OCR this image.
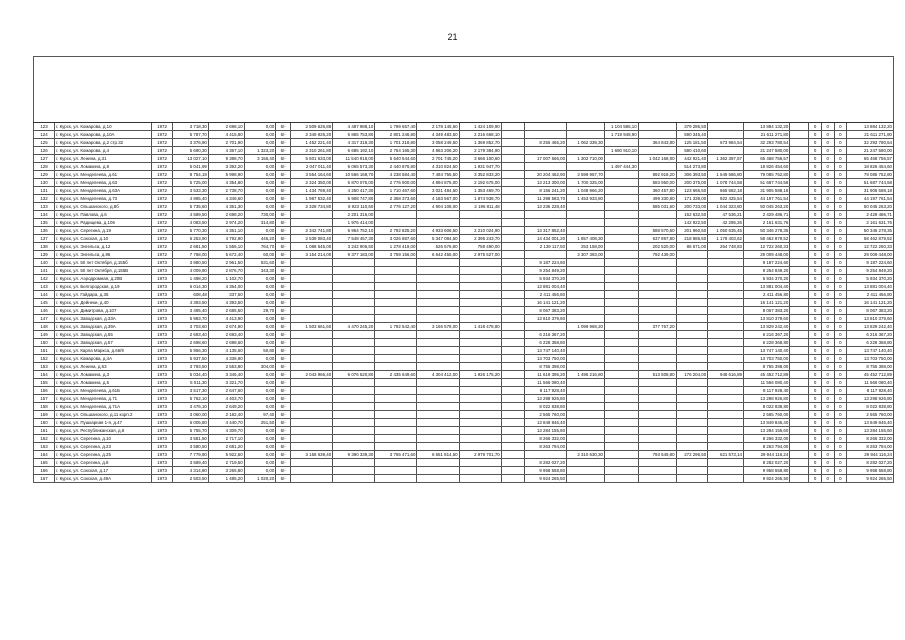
21

123	г. Курск, ул. Комарова, д.10	1972	3 718,30	2 698,10	0,00	5/-	2 509 626,88	4 487 988,10	1 799 657,40	2 178 145,50	1 424 109,90				1 104 585,10		379 286,50		13 884 132,20		0	0	0	13 884 132,20
124	г. Курск, ул. Комарова, д.10А	1972	5 787,70	4 415,80	0,00	5/-	2 349 926,20	6 865 753,80	2 801 246,80	4 349 483,50	2 216 668,10				1 719 948,90		590 345,40		21 611 271,80		0	0	0	21 611 271,80
125	г. Курск, ул. Комарова, д.2 стр.32	1972	3 376,90	2 701,90	0,00	5/-	1 452 221,40	4 317 318,30	1 701 218,80	3 058 249,50	1 369 852,70		8 255 465,20	1 062 339,30		364 843,80	125 181,50	673 984,54	32 293 780,54		0	0	0	32 293 780,54
126	г. Курск, ул. Комарова, д.4	1972	5 690,30	4 367,10	1 323,20	5/-	2 310 261,80	6 685 192,10	2 754 165,30	4 863 206,20	2 179 384,90				1 680 910,10		580 410,60		21 247 580,00		0	0	0	21 247 580,00
127	г. Курск, ул. Ленина, д.31	1972	13 027,10	9 388,70	3 156,40	5/-	5 601 633,00	11 540 918,00	5 540 544,60	2 701 745,20	3 666 100,60		17 007 566,00	1 302 710,00		1 042 168,00	442 921,40	1 362 397,57	65 468 756,57		0	0	0	65 468 756,57
128	г. Курск, ул. Ломакина, д.8	1972	5 041,99	3 392,20	0,00	5/-	2 047 011,40	6 065 573,30	2 440 876,80	4 310 824,50	1 931 947,70				1 497 444,30		514 273,80		18 826 454,60		0	0	0	18 826 454,60
129	г. Курск, ул. Менделеева, д.61	1972	8 754,19	5 998,90	0,00	5/-	3 554 164,60	10 566 168,70	4 238 584,40	7 484 755,50	3 352 833,20		20 204 462,90	2 599 957,70		892 918,20	306 393,50	1 649 586,80	79 085 752,80		0	0	0	79 085 752,80
130	г. Курск, ул. Менделеева, д.63	1972	5 725,00	4 354,80	0,00	5/-	2 324 350,00	6 870 075,00	2 776 900,00	4 894 875,00	2 192 675,00		13 213 300,00	1 700 325,00		583 950,00	200 375,00	1 078 744,58	51 687 744,58		0	0	0	51 687 744,58
131	г. Курск, ул. Менделеева, д.63А	1972	3 533,30	2 738,70	0,00	5/-	1 434 769,40	4 250 417,30	1 710 467,60	3 021 484,50	1 353 469,70		8 156 241,20	1 048 966,20		360 457,80	123 666,50	665 682,18	31 905 588,18		0	0	0	31 905 588,18
132	г. Курск, ул. Менделеева, д.73	1972	4 895,40	4 346,60	0,00	5/-	1 987 532,40	5 908 747,80	2 368 373,60	4 183 567,00	1 874 938,70		11 298 583,70	1 453 933,80		499 330,80	171 339,00	922 425,54	44 197 761,54		0	0	0	44 197 761,54
133	г. Курск, ул. Ольшанского, д.8б	1972	5 735,60	4 361,30	0,00	5/-	2 328 734,80	6 923 110,60	2 776 127,20	4 904 108,00	2 196 811,48		13 236 228,40			585 031,60	200 733,00	1 044 323,80	50 045 263,20		0	0	0	50 045 263,20
134	г. Курск, ул. Павлова, д.6	1972	4 589,50	2 698,20	730,00	5/-		2 201 316,00									162 632,50	47 536,21	2 429 486,71		0	0	0	2 429 486,71
135	г. Курск, ул. Радищева, д.106	1972	4 083,50	2 974,20	314,80	5/-		1 976 414,00									142 922,50	42 295,26	2 161 631,76		0	0	0	2 161 631,76
136	г. Курск, ул. Серегина, д.19	1972	5 770,30	4 361,10	0,00	5/-	2 342 741,80	6 964 752,10	2 792 825,20	4 933 606,50	2 210 024,90		13 317 852,40			588 570,60	201 960,50	1 050 635,45	50 346 278,35		0	0	0	50 346 278,35
137	г. Курск, ул. Сокская, д.10	1972	6 253,90	4 792,90	446,20	5/-	2 539 083,40	7 548 457,30	3 026 887,60	5 347 084,50	2 395 243,70		14 434 001,20	1 857 408,30		637 897,80	218 886,50	1 178 403,62	58 462 879,52		0	0	0	58 462 879,52
138	г. Курск, ул. Энгельса, д.12	1972	2 681,50	1 556,10	764,70	5/-	1 088 545,00	3 242 906,50	1 278 419,00	526 676,80	759 490,00		2 139 117,50	253 158,00		202 520,00	86 671,00	264 748,83	12 722 260,33		0	0	0	12 722 260,33
139	г. Курск, ул. Энгельса, д.86	1972	7 768,00	5 672,40	60,00	5/-	3 154 214,00	9 377 183,00	3 759 156,00	6 642 455,00	2 975 527,00			2 307 393,00		792 439,00			29 009 448,00		0	0	0	29 009 448,00
140	г. Курск, ул. 50 лет Октября, д.155б	1973	3 980,50	2 961,50	531,60	5/-							9 187 224,60						9 187 224,60		0	0	0	9 187 224,60
141	г. Курск, ул. 50 лет Октября, д.155В	1973	4 009,90	2 876,70	343,30	5/-							9 254 849,20						9 254 849,20		0	0	0	9 254 849,20
142	г. Курск, ул. Аэродромная, д.20В	1973	1 498,20	1 102,70	0,00	5/-							5 934 370,20						5 934 370,20		0	0	0	5 934 370,20
143	г. Курск, ул. Белгородская, д.19	1973	6 014,30	4 364,00	0,00	5/-							13 881 004,40						13 881 004,40		0	0	0	13 881 004,40
144	г. Курск, ул. Гайдара, д.35	1973	608,48	337,50	0,00	5/-							2 411 456,80						2 411 456,80		0	0	0	2 411 456,80
145	г. Курск, ул. Дейнеки, д.40	1973	4 393,50	4 393,50	0,00	5/-							16 141 121,20						16 141 121,20		0	0	0	16 141 121,20
146	г. Курск, ул. Димитрова, д.107	1973	3 495,40	2 685,50	29,70	5/-							8 067 383,20						8 067 383,20		0	0	0	8 067 383,20
147	г. Курск, ул. Заводская, д.33А	1973	5 983,70	4 413,90	0,00	5/-							13 810 379,60						13 810 379,60		0	0	0	13 810 379,60
148	г. Курск, ул. Заводская, д.39А	1973	3 703,60	2 674,90	0,00	5/-	1 503 661,60	4 470 245,20	1 792 542,40	3 166 578,00	1 418 478,80			1 099 969,20		377 767,20			13 829 242,40		0	0	0	13 829 242,40
149	г. Курск, ул. Заводская, д.55	1973	2 693,40	2 693,40	0,00	5/-							6 216 367,20						6 216 367,20		0	0	0	6 216 367,20
150	г. Курск, ул. Заводская, д.57	1973	2 698,60	2 698,60	0,00	5/-							6 228 368,80						6 228 368,80		0	0	0	6 228 368,80
151	г. Курск, ул. Карла Маркса, д.66/9	1973	5 956,30	4 135,60	50,80	5/-							13 747 140,40						13 747 140,40		0	0	0	13 747 140,40
152	г. Курск, ул. Комарова, д.4А	1973	5 937,50	4 336,90	0,00	5/-							13 703 750,00						13 703 750,00		0	0	0	13 703 750,00
153	г. Курск, ул. Ленина, д.63	1973	3 793,50	2 553,80	304,00	5/-							8 755 398,00						8 755 398,00		0	0	0	8 755 398,00
154	г. Курск, ул. Ломакина, д.3	1973	5 034,40	3 346,40	0,00	5/-	2 043 966,40	6 076 520,80	2 435 649,60	4 304 412,00	1 926 175,20		11 619 395,20	1 495 216,80		513 508,80	176 204,00	948 616,89	45 452 712,89		0	0	0	45 452 712,89
155	г. Курск, ул. Ломакина, д.5	1973	5 011,30	3 321,70	0,00	5/-							11 566 080,40						11 566 080,40		0	0	0	11 566 080,40
156	г. Курск, ул. Менделеева, д.61Б	1973	3 517,30	2 647,60	0,00	5/-							8 117 928,40						8 117 928,40		0	0	0	8 117 928,40
157	г. Курск, ул. Менделеева, д.71	1973	5 762,10	4 403,70	0,00	5/-							13 298 926,80						13 298 926,80		0	0	0	13 298 926,80
158	г. Курск, ул. Менделеева, д.71А	1973	3 476,10	2 649,20	0,00	5/-							8 022 838,80						8 022 838,80		0	0	0	8 022 838,80
159	г. Курск, ул. Ольшанского, д.11 корп.2	1973	3 060,00	2 182,40	97,40	5/-							2 565 760,00						2 565 760,00		0	0	0	2 565 760,00
160	г. Курск, ул. Пушкарная 1-я, д.47	1973	6 005,80	4 440,70	251,50	5/-							13 849 846,40						13 849 846,40		0	0	0	13 849 846,40
161	г. Курск, ул. Республиканская, д.8	1973	5 755,70	4 309,70	0,00	5/-							13 284 155,60						13 284 155,60		0	0	0	13 284 155,60
162	г. Курск, ул. Серегина, д.10	1973	3 581,50	2 717,10	0,00	5/-							8 266 332,00						8 266 332,00		0	0	0	8 266 332,00
163	г. Курск, ул. Серегина, д.23	1973	3 580,50	2 681,20	0,00	5/-							8 263 794,00						8 263 794,00		0	0	0	8 263 794,00
164	г. Курск, ул. Серегина, д.25	1973	7 779,90	5 922,50	0,00	5/-	3 158 639,40	9 390 339,30	3 765 471,60	6 651 814,50	2 979 701,70			2 310 630,30		793 549,80	272 296,50	621 573,14	29 944 116,24		0	0	0	29 944 116,24
165	г. Курск, ул. Серегина, д.8	1973	3 589,40	2 719,50	0,00	5/-							8 282 027,20						8 282 027,20		0	0	0	8 282 027,20
166	г. Курск, ул. Сокская, д.17	1973	4 314,80	3 265,80	0,00	5/-							9 958 558,80						9 958 558,80		0	0	0	9 958 558,80
167	г. Курск, ул. Сокская, д.49А	1973	2 503,50	1 485,20	1 020,20	5/-							9 924 265,50						9 924 265,50		0	0	0	9 924 265,50
